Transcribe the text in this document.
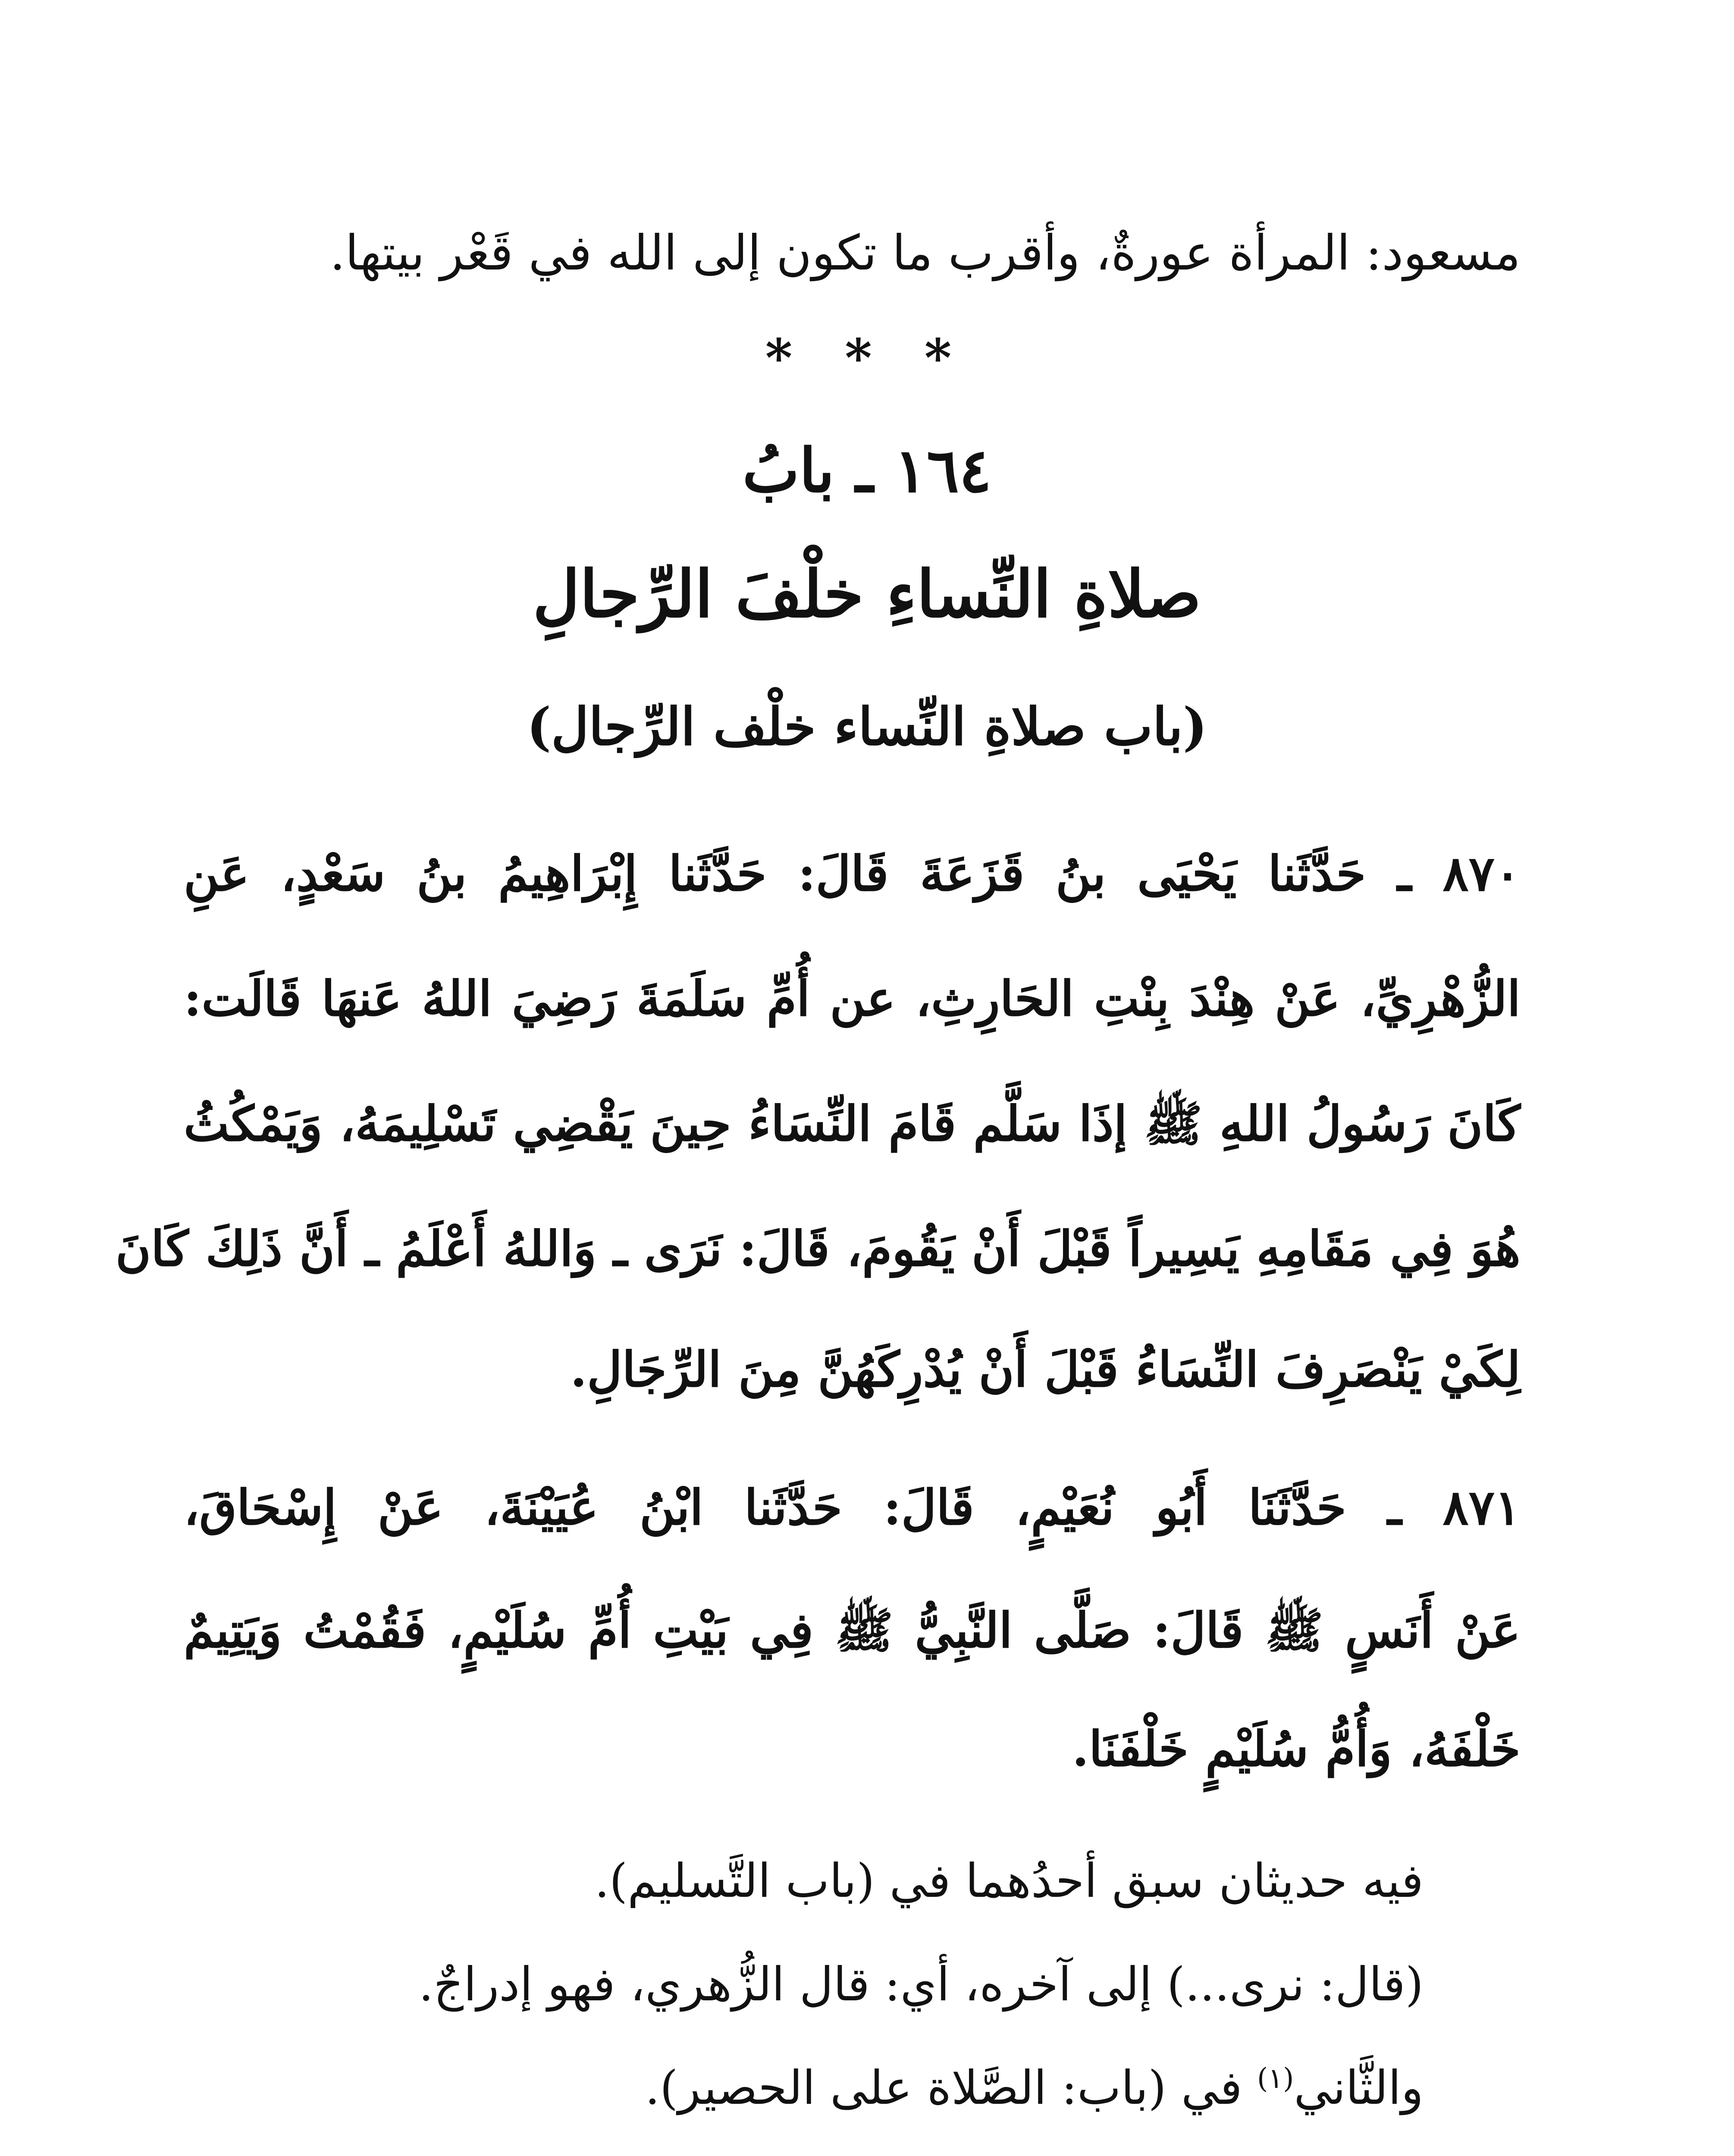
مسعود: المرأة عورةٌ، وأقرب ما تكون إلى الله في قَعْر بيتها.
* * *
١٦٤ ـ بابُ
صلاةِ النِّساءِ خلْفَ الرِّجالِ
(باب صلاةِ النِّساء خلْف الرِّجال)
٨٧٠ ـ حَدَّثَنا يَحْيَى بنُ قَزَعَةَ قَالَ: حَدَّثَنا إِبْرَاهِيمُ بنُ سَعْدٍ، عَنِ
الزُّهْرِيِّ، عَنْ هِنْدَ بِنْتِ الحَارِثِ، عن أُمِّ سَلَمَةَ رَضِيَ اللهُ عَنهَا قَالَت:
كَانَ رَسُولُ اللهِ ﷺ إذَا سَلَّم قَامَ النِّسَاءُ حِينَ يَقْضِي تَسْلِيمَهُ، وَيَمْكُثُ
هُوَ فِي مَقَامِهِ يَسِيراً قَبْلَ أَنْ يَقُومَ، قَالَ: نَرَى ـ وَاللهُ أَعْلَمُ ـ أَنَّ ذَلِكَ كَانَ
لِكَيْ يَنْصَرِفَ النِّسَاءُ قَبْلَ أَنْ يُدْرِكَهُنَّ مِنَ الرِّجَالِ.
٨٧١ ـ حَدَّثَنَا أَبُو نُعَيْمٍ، قَالَ: حَدَّثَنا ابْنُ عُيَيْنَةَ، عَنْ إِسْحَاقَ،
عَنْ أَنَسٍ ﷺ قَالَ: صَلَّى النَّبِيُّ ﷺ فِي بَيْتِ أُمِّ سُلَيْمٍ، فَقُمْتُ وَيَتِيمٌ
خَلْفَهُ، وَأُمُّ سُلَيْمٍ خَلْفَنَا.
فيه حديثان سبق أحدُهما في (باب التَّسليم).
(قال: نرى...) إلى آخره، أي: قال الزُّهري، فهو إدراجٌ.
والثَّاني$^{(١)}$ في (باب: الصَّلاة على الحصير).
